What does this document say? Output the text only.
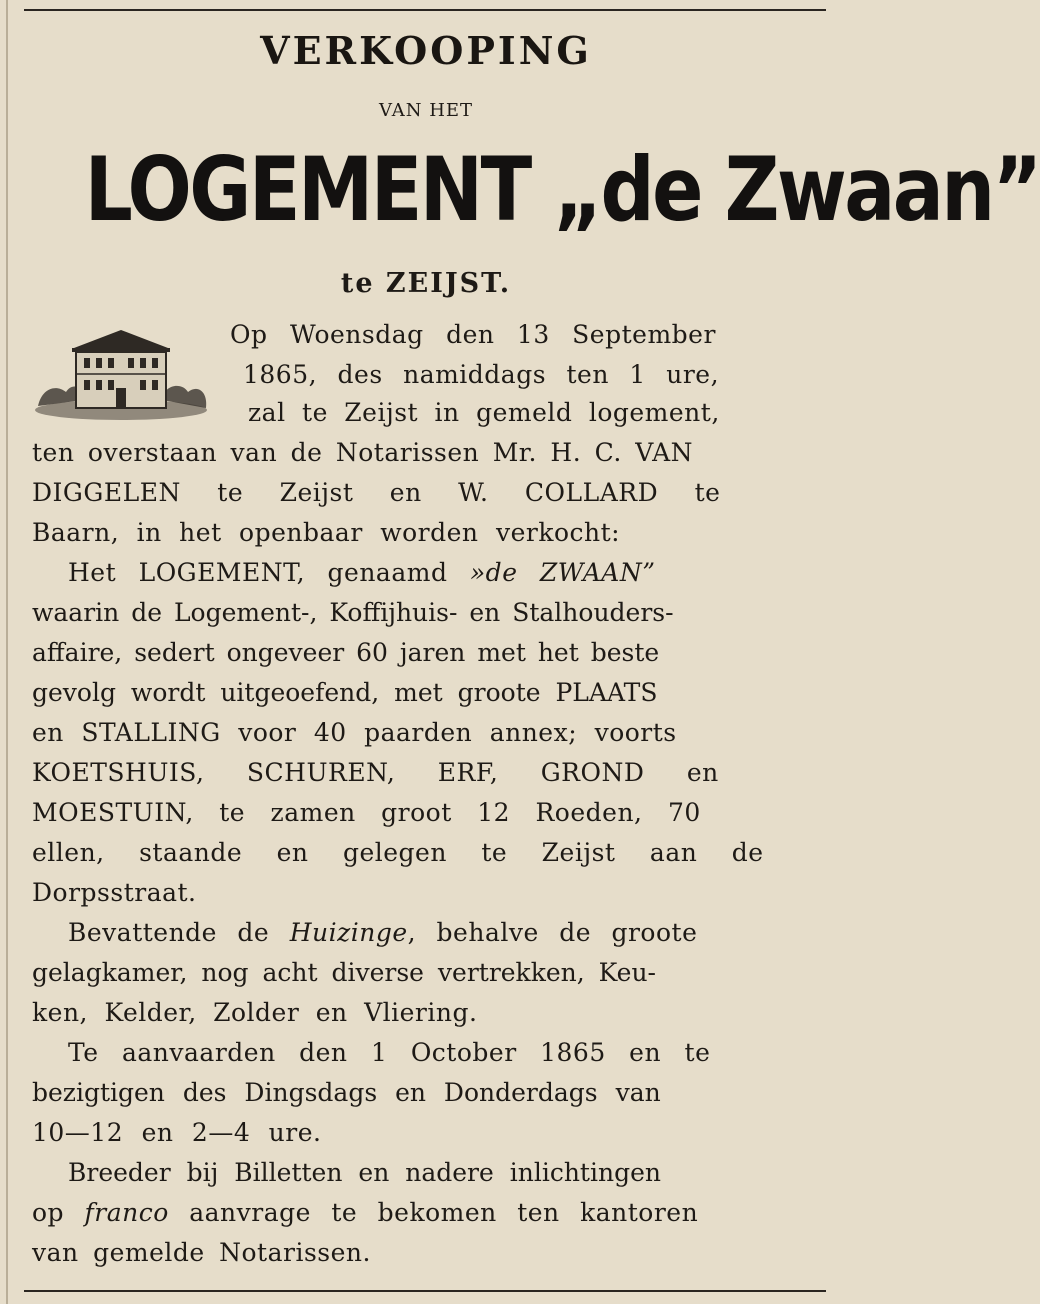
VERKOOPING
VAN HET
LOGEMENT „de Zwaan”
te ZEIJST.
Op Woensdag den 13 September
1865, des namiddags ten 1 ure,
zal te Zeijst in gemeld logement,
ten overstaan van de Notarissen Mr. H. C. VAN
DIGGELEN te Zeijst en W. COLLARD te
Baarn, in het openbaar worden verkocht:
Het LOGEMENT, genaamd »de ZWAAN”
waarin de Logement-, Koffijhuis- en Stalhouders-
affaire, sedert ongeveer 60 jaren met het beste
gevolg wordt uitgeoefend, met groote PLAATS
en STALLING voor 40 paarden annex; voorts
KOETSHUIS, SCHUREN, ERF, GROND en
MOESTUIN, te zamen groot 12 Roeden, 70
ellen, staande en gelegen te Zeijst aan de
Dorpsstraat.
Bevattende de Huizinge, behalve de groote
gelagkamer, nog acht diverse vertrekken, Keu-
ken, Kelder, Zolder en Vliering.
Te aanvaarden den 1 October 1865 en te
bezigtigen des Dingsdags en Donderdags van
10—12 en 2—4 ure.
Breeder bij Billetten en nadere inlichtingen
op franco aanvrage te bekomen ten kantoren
van gemelde Notarissen.
